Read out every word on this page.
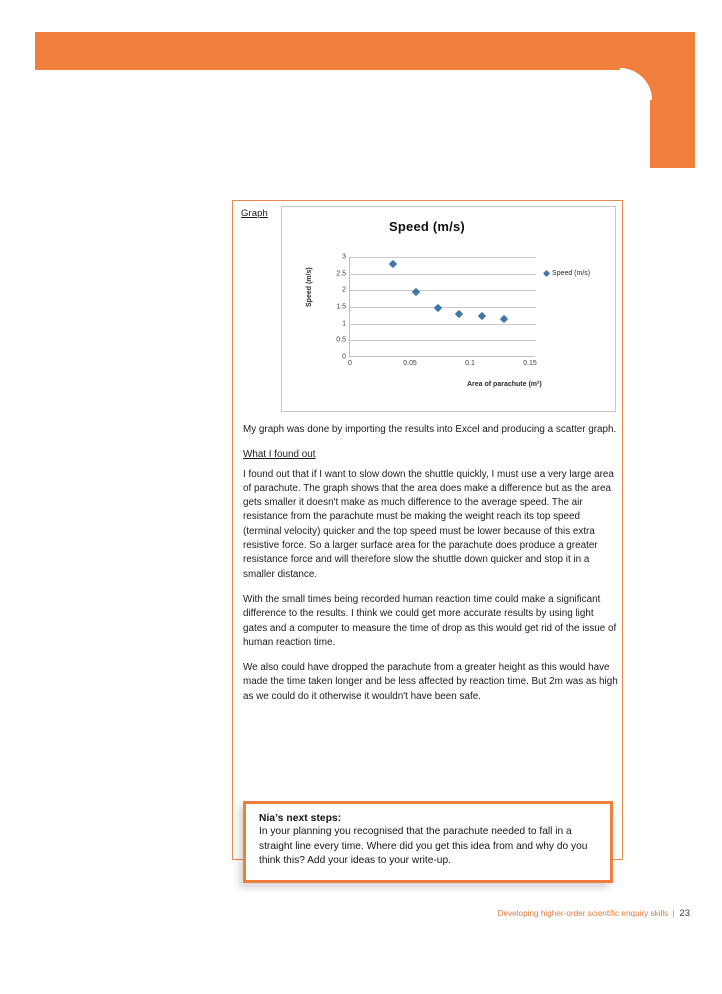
Graph
Speed (m/s)
Speed (m/s)
Area of parachute (m²)
0
0.5
1
1.5
2
2.5
3
0	0.05	0.1	0.15
Speed (m/s)

My graph was done by importing the results into Excel and producing a scatter graph.

What I found out

I found out that if I want to slow down the shuttle quickly, I must use a very large area of parachute. The graph shows that the area does make a difference but as the area gets smaller it doesn't make as much difference to the average speed. The air resistance from the parachute must be making the weight reach its top speed (terminal velocity) quicker and the top speed must be lower because of this extra resistive force. So a larger surface area for the parachute does produce a greater resistance force and will therefore slow the shuttle down quicker and stop it in a smaller distance.

With the small times being recorded human reaction time could make a significant difference to the results. I think we could get more accurate results by using light gates and a computer to measure the time of drop as this would get rid of the issue of human reaction time.

We also could have dropped the parachute from a greater height as this would have made the time taken longer and be less affected by reaction time. But 2m was as high as we could do it otherwise it wouldn't have been safe.

Nia’s next steps:
In your planning you recognised that the parachute needed to fall in a straight line every time. Where did you get this idea from and why do you think this? Add your ideas to your write-up.
Developing higher-order scientific enquiry skills | 23
